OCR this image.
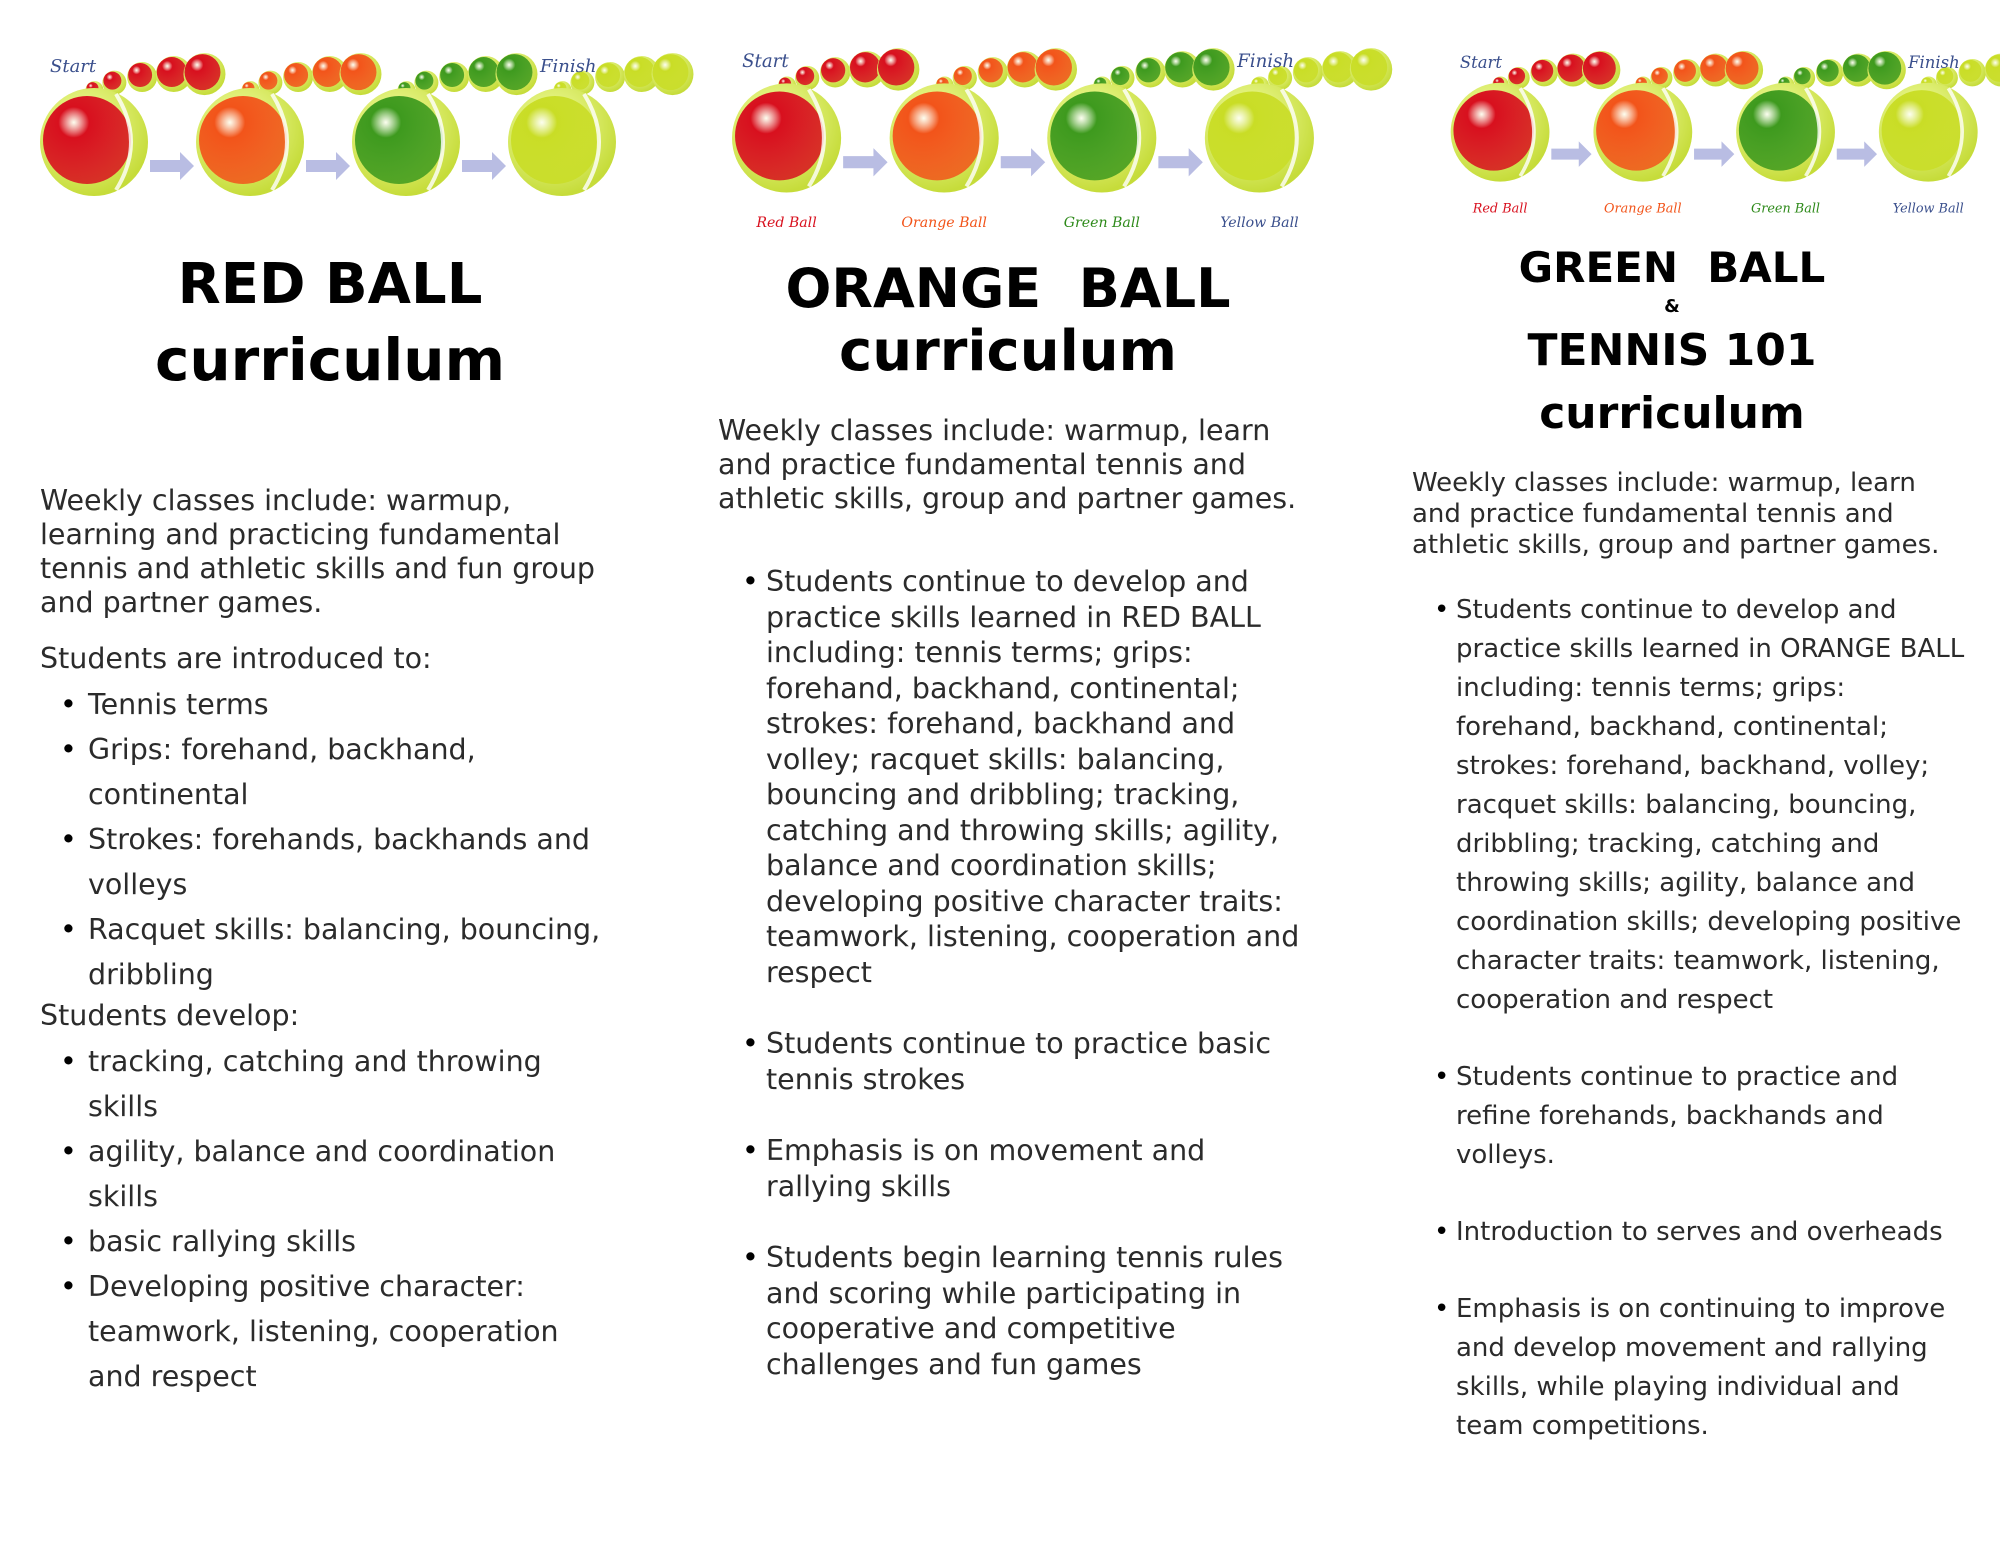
Start	Finish
RED BALL
curriculum

Weekly classes include: warmup, learning and practicing fundamental tennis and athletic skills and fun group and partner games.

Students are introduced to:

• Tennis terms
• Grips: forehand, backhand, continental
• Strokes: forehands, backhands and volleys
• Racquet skills: balancing, bouncing, dribbling

Students develop:

• tracking, catching and throwing skills
• agility, balance and coordination skills
• basic rallying skills
• Developing positive character: teamwork, listening, cooperation and respect
Start	Finish
Red Ball	Orange Ball	Green Ball	Yellow Ball
ORANGE  BALL
curriculum

Weekly classes include: warmup, learn and practice fundamental tennis and athletic skills, group and partner games.

• Students continue to develop and practice skills learned in RED BALL including: tennis terms; grips: forehand, backhand, continental; strokes: forehand, backhand and volley; racquet skills: balancing, bouncing and dribbling; tracking, catching and throwing skills; agility, balance and coordination skills; developing positive character traits: teamwork, listening, cooperation and respect
• Students continue to practice basic tennis strokes
• Emphasis is on movement and rallying skills
• Students begin learning tennis rules and scoring while participating in cooperative and competitive challenges and fun games
Start	Finish
Red Ball	Orange Ball	Green Ball	Yellow Ball
GREEN  BALL
&
TENNIS 101
curriculum

Weekly classes include: warmup, learn and practice fundamental tennis and athletic skills, group and partner games.

• Students continue to develop and practice skills learned in ORANGE BALL including: tennis terms; grips: forehand, backhand, continental; strokes: forehand, backhand, volley; racquet skills: balancing, bouncing, dribbling; tracking, catching and throwing skills; agility, balance and coordination skills; developing positive character traits: teamwork, listening, cooperation and respect
• Students continue to practice and refine forehands, backhands and volleys.
• Introduction to serves and overheads
• Emphasis is on continuing to improve and develop movement and rallying skills, while playing individual and team competitions.
